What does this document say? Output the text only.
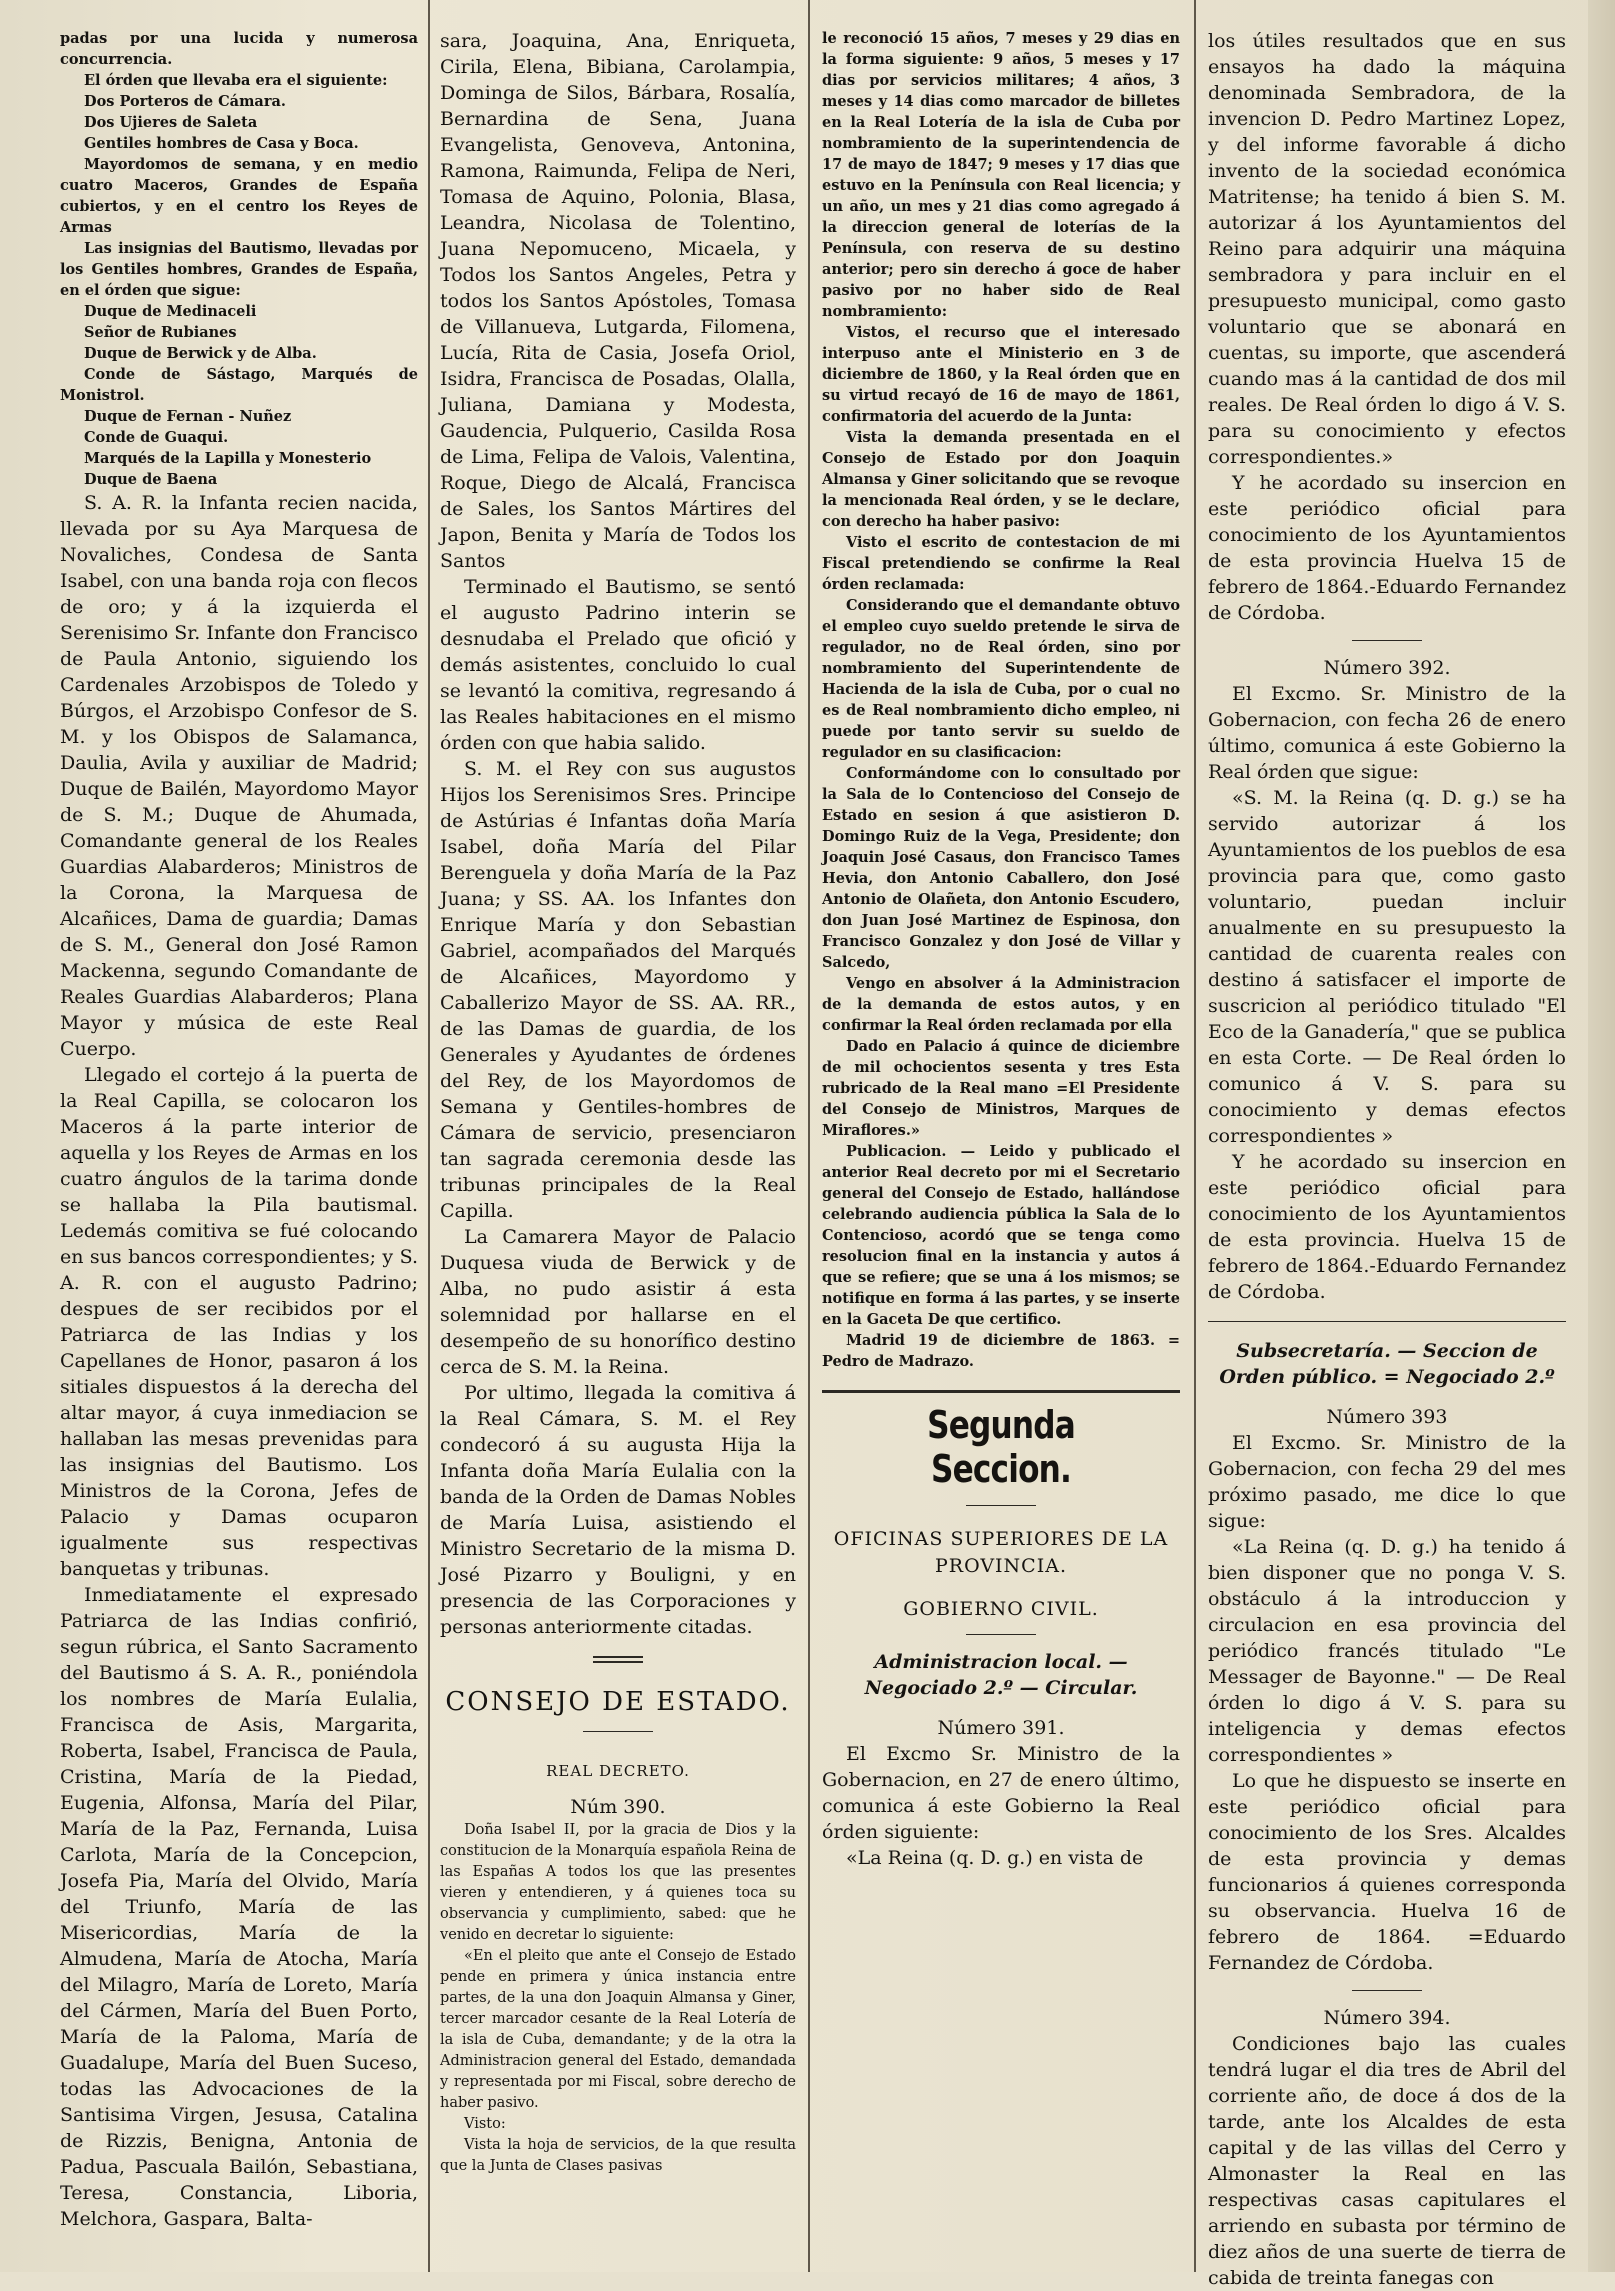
padas por una lucida y numerosa concurrencia.

El órden que llevaba era el siguiente:

Dos Porteros de Cámara.

Dos Ujieres de Saleta

Gentiles hombres de Casa y Boca.

Mayordomos de semana, y en medio cuatro Maceros, Grandes de España cubiertos, y en el centro los Reyes de Armas

Las insignias del Bautismo, llevadas por los Gentiles hombres, Grandes de España, en el órden que sigue:

Duque de Medinaceli

Señor de Rubianes

Duque de Berwick y de Alba.

Conde de Sástago, Marqués de Monistrol.

Duque de Fernan - Nuñez

Conde de Guaqui.

Marqués de la Lapilla y Monesterio

Duque de Baena

S. A. R. la Infanta recien nacida, llevada por su Aya Marquesa de Novaliches, Condesa de Santa Isabel, con una banda roja con flecos de oro; y á la izquierda el Serenisimo Sr. Infante don Francisco de Paula Antonio, siguiendo los Cardenales Arzobispos de Toledo y Búrgos, el Arzobispo Confesor de S. M. y los Obispos de Salamanca, Daulia, Avila y auxiliar de Madrid; Duque de Bailén, Mayordomo Mayor de S. M.; Duque de Ahumada, Comandante general de los Reales Guardias Alabarderos; Ministros de la Corona, la Marquesa de Alcañices, Dama de guardia; Damas de S. M., General don José Ramon Mackenna, segundo Comandante de Reales Guardias Alabarderos; Plana Mayor y música de este Real Cuerpo.

Llegado el cortejo á la puerta de la Real Capilla, se colocaron los Maceros á la parte interior de aquella y los Reyes de Armas en los cuatro ángulos de la tarima donde se hallaba la Pila bautismal. Ledemás comitiva se fué colocando en sus bancos correspondientes; y S. A. R. con el augusto Padrino; despues de ser recibidos por el Patriarca de las Indias y los Capellanes de Honor, pasaron á los sitiales dispuestos á la derecha del altar mayor, á cuya inmediacion se hallaban las mesas prevenidas para las insignias del Bautismo. Los Ministros de la Corona, Jefes de Palacio y Damas ocuparon igualmente sus respectivas banquetas y tribunas.

Inmediatamente el expresado Patriarca de las Indias confirió, segun rúbrica, el Santo Sacramento del Bautismo á S. A. R., poniéndola los nombres de María Eulalia, Francisca de Asis, Margarita, Roberta, Isabel, Francisca de Paula, Cristina, María de la Piedad, Eugenia, Alfonsa, María del Pilar, María de la Paz, Fernanda, Luisa Carlota, María de la Concepcion, Josefa Pia, María del Olvido, María del Triunfo, María de las Misericordias, María de la Almudena, María de Atocha, María del Milagro, María de Loreto, María del Cármen, María del Buen Porto, María de la Paloma, María de Guadalupe, María del Buen Suceso, todas las Advocaciones de la Santisima Virgen, Jesusa, Catalina de Rizzis, Benigna, Antonia de Padua, Pascuala Bailón, Sebastiana, Teresa, Constancia, Liboria, Melchora, Gaspara, Balta-

sara, Joaquina, Ana, Enriqueta, Cirila, Elena, Bibiana, Carolampia, Dominga de Silos, Bárbara, Rosalía, Bernardina de Sena, Juana Evangelista, Genoveva, Antonina, Ramona, Raimunda, Felipa de Neri, Tomasa de Aquino, Polonia, Blasa, Leandra, Nicolasa de Tolentino, Juana Nepomuceno, Micaela, y Todos los Santos Angeles, Petra y todos los Santos Apóstoles, Tomasa de Villanueva, Lutgarda, Filomena, Lucía, Rita de Casia, Josefa Oriol, Isidra, Francisca de Posadas, Olalla, Juliana, Damiana y Modesta, Gaudencia, Pulquerio, Casilda Rosa de Lima, Felipa de Valois, Valentina, Roque, Diego de Alcalá, Francisca de Sales, los Santos Mártires del Japon, Benita y María de Todos los Santos

Terminado el Bautismo, se sentó el augusto Padrino interin se desnudaba el Prelado que ofició y demás asistentes, concluido lo cual se levantó la comitiva, regresando á las Reales habitaciones en el mismo órden con que habia salido.

S. M. el Rey con sus augustos Hijos los Serenisimos Sres. Principe de Astúrias é Infantas doña María Isabel, doña María del Pilar Berenguela y doña María de la Paz Juana; y SS. AA. los Infantes don Enrique María y don Sebastian Gabriel, acompañados del Marqués de Alcañices, Mayordomo y Caballerizo Mayor de SS. AA. RR., de las Damas de guardia, de los Generales y Ayudantes de órdenes del Rey, de los Mayordomos de Semana y Gentiles-hombres de Cámara de servicio, presenciaron tan sagrada ceremonia desde las tribunas principales de la Real Capilla.

La Camarera Mayor de Palacio Duquesa viuda de Berwick y de Alba, no pudo asistir á esta solemnidad por hallarse en el desempeño de su honorífico destino cerca de S. M. la Reina.

Por ultimo, llegada la comitiva á la Real Cámara, S. M. el Rey condecoró á su augusta Hija la Infanta doña María Eulalia con la banda de la Orden de Damas Nobles de María Luisa, asistiendo el Ministro Secretario de la misma D. José Pizarro y Bouligni, y en presencia de las Corporaciones y personas anteriormente citadas.

CONSEJO DE ESTADO.

REAL DECRETO.

Núm 390.

Doña Isabel II, por la gracia de Dios y la constitucion de la Monarquía española Reina de las Españas A todos los que las presentes vieren y entendieren, y á quienes toca su observancia y cumplimiento, sabed: que he venido en decretar lo siguiente:

«En el pleito que ante el Consejo de Estado pende en primera y única instancia entre partes, de la una don Joaquin Almansa y Giner, tercer marcador cesante de la Real Lotería de la isla de Cuba, demandante; y de la otra la Administracion general del Estado, demandada y representada por mi Fiscal, sobre derecho de haber pasivo.

Visto:

Vista la hoja de servicios, de la que resulta que la Junta de Clases pasivas

le reconoció 15 años, 7 meses y 29 dias en la forma siguiente: 9 años, 5 meses y 17 dias por servicios militares; 4 años, 3 meses y 14 dias como marcador de billetes en la Real Lotería de la isla de Cuba por nombramiento de la superintendencia de 17 de mayo de 1847; 9 meses y 17 dias que estuvo en la Península con Real licencia; y un año, un mes y 21 dias como agregado á la direccion general de loterías de la Península, con reserva de su destino anterior; pero sin derecho á goce de haber pasivo por no haber sido de Real nombramiento:

Vistos, el recurso que el interesado interpuso ante el Ministerio en 3 de diciembre de 1860, y la Real órden que en su virtud recayó de 16 de mayo de 1861, confirmatoria del acuerdo de la Junta:

Vista la demanda presentada en el Consejo de Estado por don Joaquin Almansa y Giner solicitando que se revoque la mencionada Real órden, y se le declare, con derecho ha haber pasivo:

Visto el escrito de contestacion de mi Fiscal pretendiendo se confirme la Real órden reclamada:

Considerando que el demandante obtuvo el empleo cuyo sueldo pretende le sirva de regulador, no de Real órden, sino por nombramiento del Superintendente de Hacienda de la isla de Cuba, por o cual no es de Real nombramiento dicho empleo, ni puede por tanto servir su sueldo de regulador en su clasificacion:

Conformándome con lo consultado por la Sala de lo Contencioso del Consejo de Estado en sesion á que asistieron D. Domingo Ruiz de la Vega, Presidente; don Joaquin José Casaus, don Francisco Tames Hevia, don Antonio Caballero, don José Antonio de Olañeta, don Antonio Escudero, don Juan José Martinez de Espinosa, don Francisco Gonzalez y don José de Villar y Salcedo,

Vengo en absolver á la Administracion de la demanda de estos autos, y en confirmar la Real órden reclamada por ella

Dado en Palacio á quince de diciembre de mil ochocientos sesenta y tres Esta rubricado de la Real mano =El Presidente del Consejo de Ministros, Marques de Miraflores.»

Publicacion. — Leido y publicado el anterior Real decreto por mi el Secretario general del Consejo de Estado, hallándose celebrando audiencia pública la Sala de lo Contencioso, acordó que se tenga como resolucion final en la instancia y autos á que se refiere; que se una á los mismos; se notifique en forma á las partes, y se inserte en la Gaceta De que certifico.

Madrid 19 de diciembre de 1863. = Pedro de Madrazo.

Segunda Seccion.

OFICINAS SUPERIORES DE LA PROVINCIA.

GOBIERNO CIVIL.

Administracion local. — Negociado 2.º — Circular.

Número 391.

El Excmo Sr. Ministro de la Gobernacion, en 27 de enero último, comunica á este Gobierno la Real órden siguiente:

«La Reina (q. D. g.) en vista de

los útiles resultados que en sus ensayos ha dado la máquina denominada Sembradora, de la invencion D. Pedro Martinez Lopez, y del informe favorable á dicho invento de la sociedad económica Matritense; ha tenido á bien S. M. autorizar á los Ayuntamientos del Reino para adquirir una máquina sembradora y para incluir en el presupuesto municipal, como gasto voluntario que se abonará en cuentas, su importe, que ascenderá cuando mas á la cantidad de dos mil reales. De Real órden lo digo á V. S. para su conocimiento y efectos correspondientes.»

Y he acordado su insercion en este periódico oficial para conocimiento de los Ayuntamientos de esta provincia Huelva 15 de febrero de 1864.-Eduardo Fernandez de Córdoba.

Número 392.

El Excmo. Sr. Ministro de la Gobernacion, con fecha 26 de enero último, comunica á este Gobierno la Real órden que sigue:

«S. M. la Reina (q. D. g.) se ha servido autorizar á los Ayuntamientos de los pueblos de esa provincia para que, como gasto voluntario, puedan incluir anualmente en su presupuesto la cantidad de cuarenta reales con destino á satisfacer el importe de suscricion al periódico titulado "El Eco de la Ganadería," que se publica en esta Corte. — De Real órden lo comunico á V. S. para su conocimiento y demas efectos correspondientes »

Y he acordado su insercion en este periódico oficial para conocimiento de los Ayuntamientos de esta provincia. Huelva 15 de febrero de 1864.-Eduardo Fernandez de Córdoba.

Subsecretaría. — Seccion de Orden público. = Negociado 2.º

Número 393

El Excmo. Sr. Ministro de la Gobernacion, con fecha 29 del mes próximo pasado, me dice lo que sigue:

«La Reina (q. D. g.) ha tenido á bien disponer que no ponga V. S. obstáculo á la introduccion y circulacion en esa provincia del periódico francés titulado "Le Messager de Bayonne." — De Real órden lo digo á V. S. para su inteligencia y demas efectos correspondientes »

Lo que he dispuesto se inserte en este periódico oficial para conocimiento de los Sres. Alcaldes de esta provincia y demas funcionarios á quienes corresponda su observancia. Huelva 16 de febrero de 1864. =Eduardo Fernandez de Córdoba.

Número 394.

Condiciones bajo las cuales tendrá lugar el dia tres de Abril del corriente año, de doce á dos de la tarde, ante los Alcaldes de esta capital y de las villas del Cerro y Almonaster la Real en las respectivas casas capitulares el arriendo en subasta por término de diez años de una suerte de tierra de cabida de treinta fanegas con
